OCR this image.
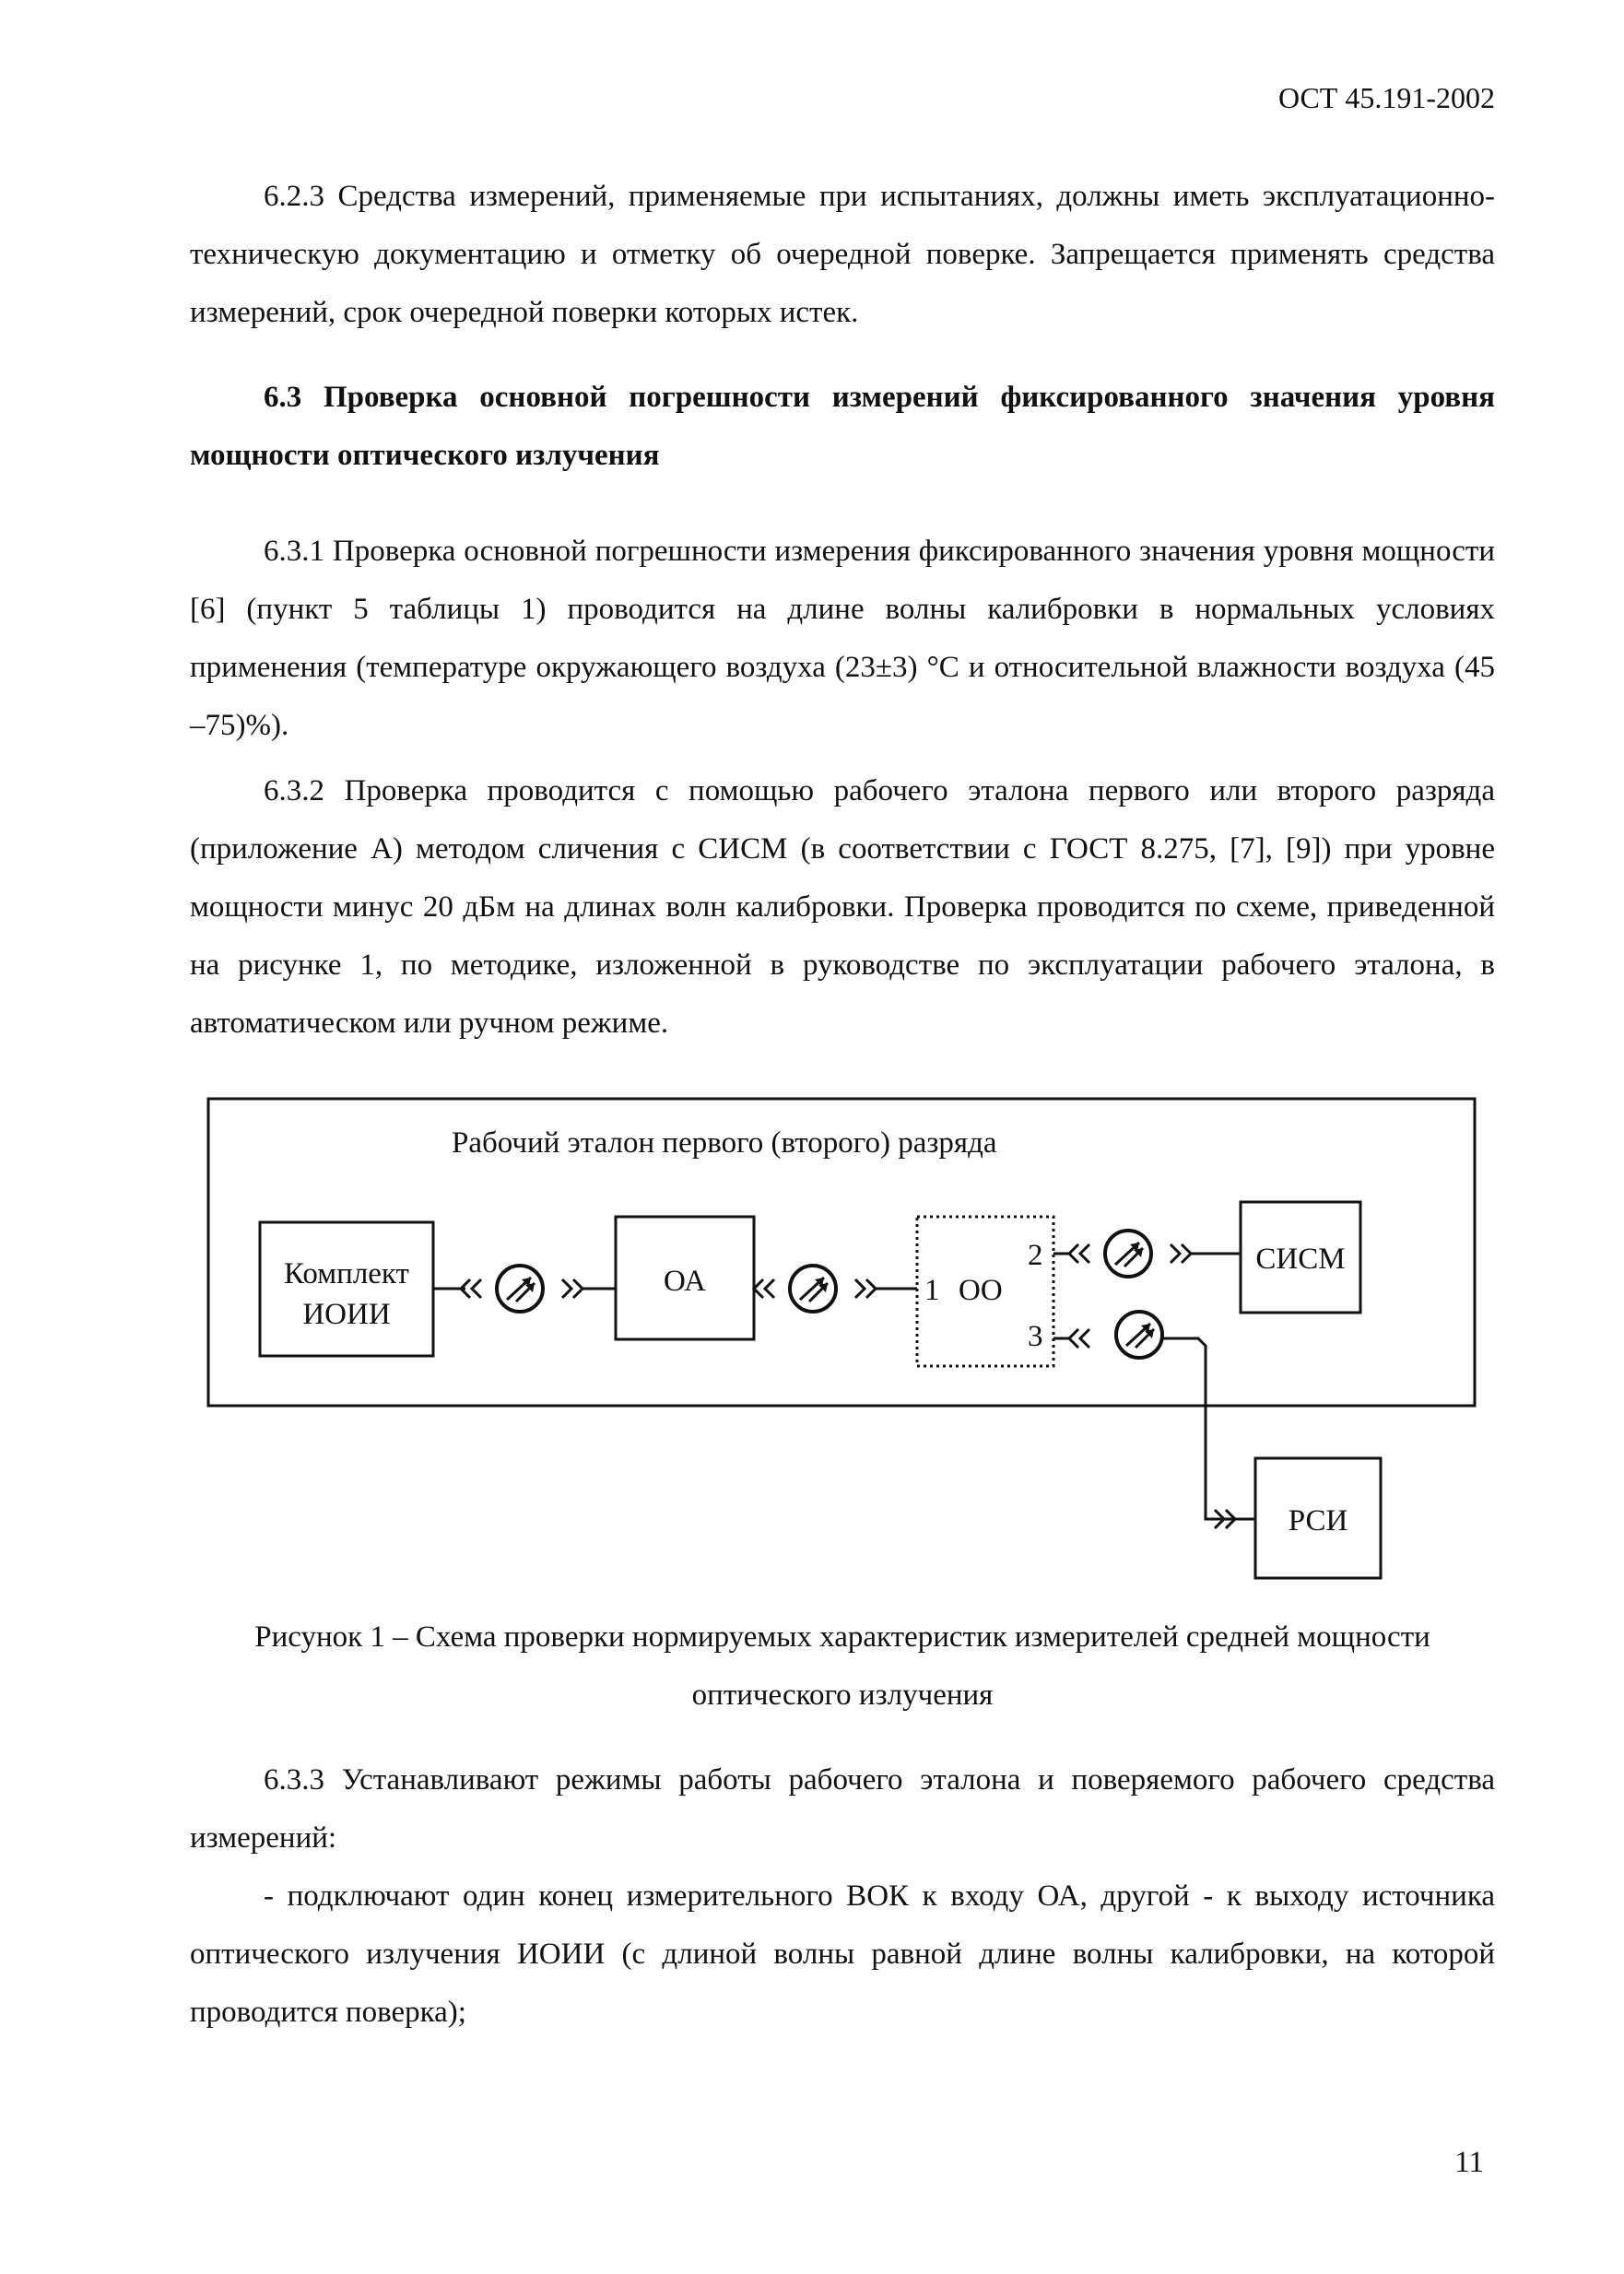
ОСТ 45.191-2002
6.2.3 Средства измерений, применяемые при испытаниях, должны иметь эксплуатационно-техническую документацию и отметку об очередной поверке. Запрещается применять средства измерений, срок очередной поверки которых истек.
6.3 Проверка основной погрешности измерений фиксированного значения уровня мощности оптического излучения
6.3.1 Проверка основной погрешности измерения фиксированного значения уровня мощности [6] (пункт 5 таблицы 1) проводится на длине волны калибровки в нормальных условиях применения (температуре окружающего воздуха (23±3) °C и относительной влажности воздуха (45 –75)%).
6.3.2 Проверка проводится с помощью рабочего эталона первого или второго разряда (приложение А) методом сличения с СИСМ (в соответствии с ГОСТ 8.275, [7], [9]) при уровне мощности минус 20 дБм на длинах волн калибровки. Проверка проводится по схеме, приведенной на рисунке 1, по методике, изложенной в руководстве по эксплуатации рабочего эталона, в автоматическом или ручном режиме.
Рабочий эталон первого (второго) разряда
Комплект
ИОИИ
ОА	1 ОО
2
3
СИСМ
РСИ
Рисунок 1 – Схема проверки нормируемых характеристик измерителей средней мощности
оптического излучения
6.3.3 Устанавливают режимы работы рабочего эталона и поверяемого рабочего средства измерений:
- подключают один конец измерительного ВОК к входу ОА, другой - к выходу источника оптического излучения ИОИИ (с длиной волны равной длине волны калибровки, на которой проводится поверка);
11
